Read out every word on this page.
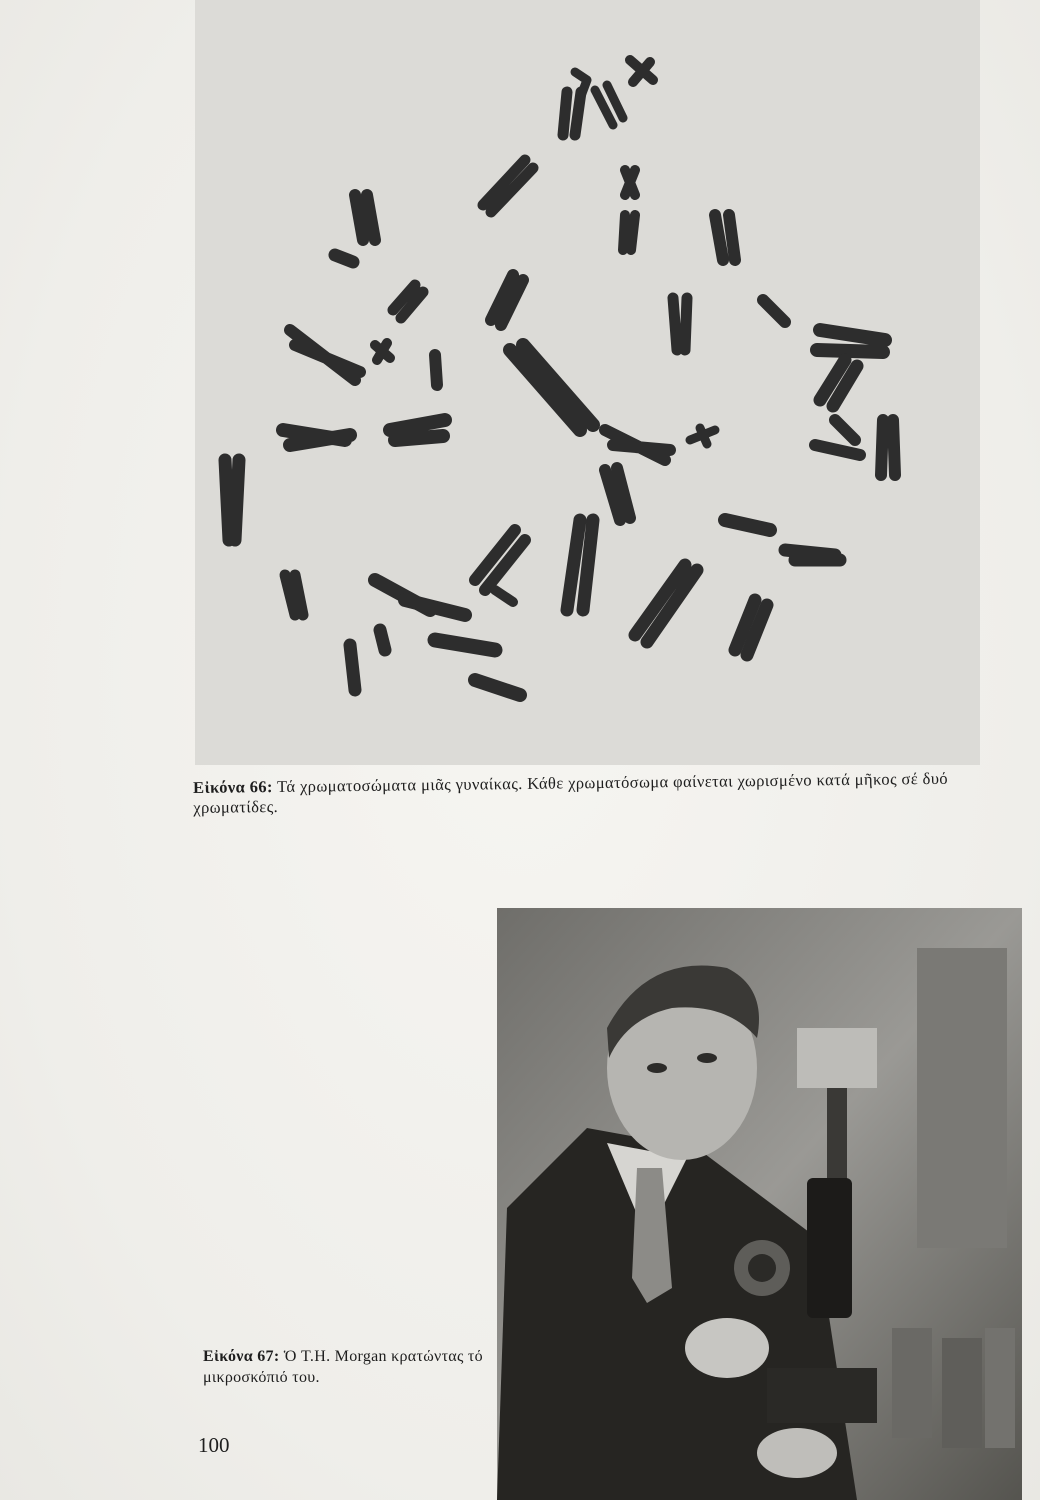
Εἰκόνα 66: Τά χρωματοσώματα μιᾶς γυναίκας. Κάθε χρωματόσωμα φαίνεται χωρισμένο κατά μῆκος σέ δυό χρωματίδες.
Εἰκόνα 67: Ὁ T.H. Morgan κρατώντας τό μικροσκόπιό του.
100
